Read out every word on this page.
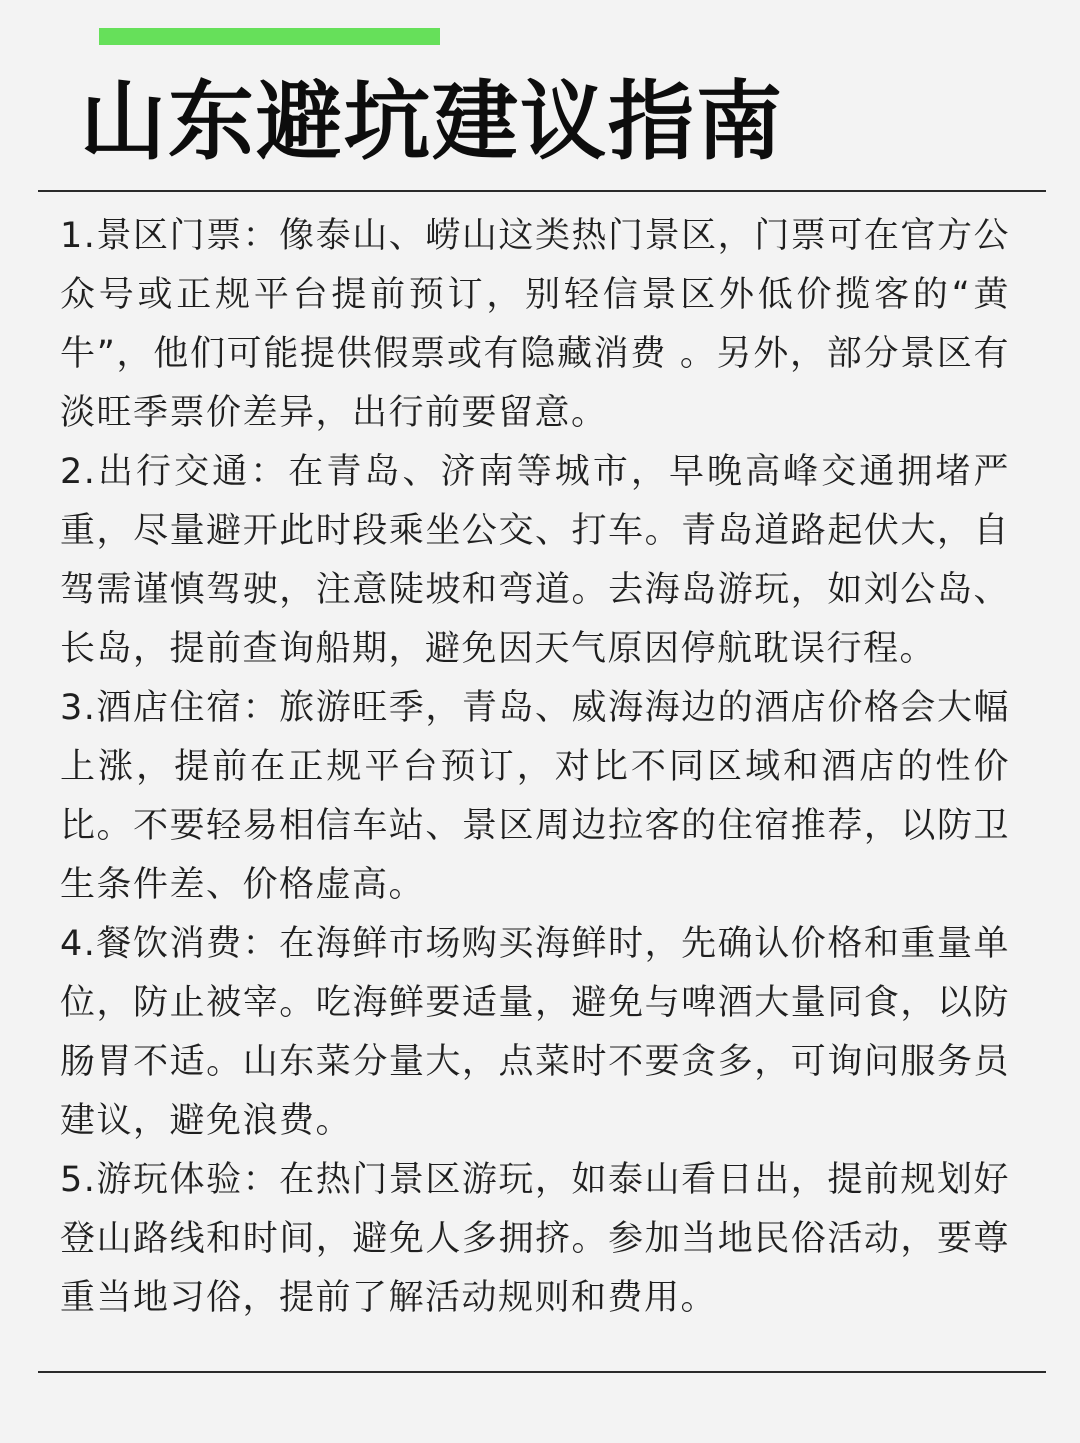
山东避坑建议指南

1.景区门票：像泰山、崂山这类热门景区，门票可在官方公众号或正规平台提前预订，别轻信景区外低价揽客的“黄牛”，他们可能提供假票或有隐藏消费 。另外，部分景区有淡旺季票价差异，出行前要留意。

2.出行交通：在青岛、济南等城市，早晚高峰交通拥堵严重，尽量避开此时段乘坐公交、打车。青岛道路起伏大，自驾需谨慎驾驶，注意陡坡和弯道。去海岛游玩，如刘公岛、长岛，提前查询船期，避免因天气原因停航耽误行程。

3.酒店住宿：旅游旺季，青岛、威海海边的酒店价格会大幅上涨，提前在正规平台预订，对比不同区域和酒店的性价比。不要轻易相信车站、景区周边拉客的住宿推荐，以防卫生条件差、价格虚高。

4.餐饮消费：在海鲜市场购买海鲜时，先确认价格和重量单位，防止被宰。吃海鲜要适量，避免与啤酒大量同食，以防肠胃不适。山东菜分量大，点菜时不要贪多，可询问服务员建议，避免浪费。

5.游玩体验：在热门景区游玩，如泰山看日出，提前规划好登山路线和时间，避免人多拥挤。参加当地民俗活动，要尊重当地习俗，提前了解活动规则和费用。
